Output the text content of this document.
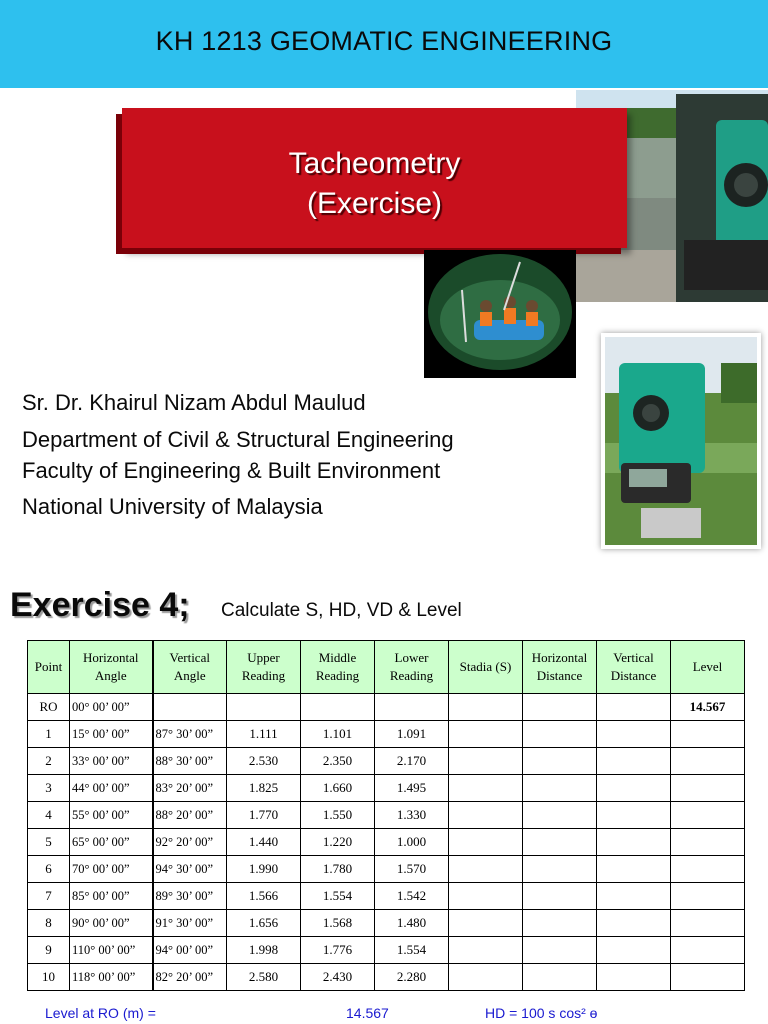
KH 1213 GEOMATIC ENGINEERING
Tacheometry
(Exercise)
Sr. Dr. Khairul Nizam Abdul Maulud
Department of Civil & Structural Engineering
Faculty of Engineering & Built Environment
National University of Malaysia
Exercise 4; Calculate S, HD, VD & Level
Point	Horizontal Angle	Vertical Angle	Upper Reading	Middle Reading	Lower Reading	Stadia (S)	Horizontal Distance	Vertical Distance	Level
RO	00° 00’ 00”								14.567
1	15° 00’ 00”	87° 30’ 00”	1.111	1.101	1.091				
2	33° 00’ 00”	88° 30’ 00”	2.530	2.350	2.170				
3	44° 00’ 00”	83° 20’ 00”	1.825	1.660	1.495				
4	55° 00’ 00”	88° 20’ 00”	1.770	1.550	1.330				
5	65° 00’ 00”	92° 20’ 00”	1.440	1.220	1.000				
6	70° 00’ 00”	94° 30’ 00”	1.990	1.780	1.570				
7	85° 00’ 00”	89° 30’ 00”	1.566	1.554	1.542				
8	90° 00’ 00”	91° 30’ 00”	1.656	1.568	1.480				
9	110° 00’ 00”	94° 00’ 00”	1.998	1.776	1.554				
10	118° 00’ 00”	82° 20’ 00”	2.580	2.430	2.280				
Level at RO (m) =	14.567	HD = 100 s cos² ɵ
